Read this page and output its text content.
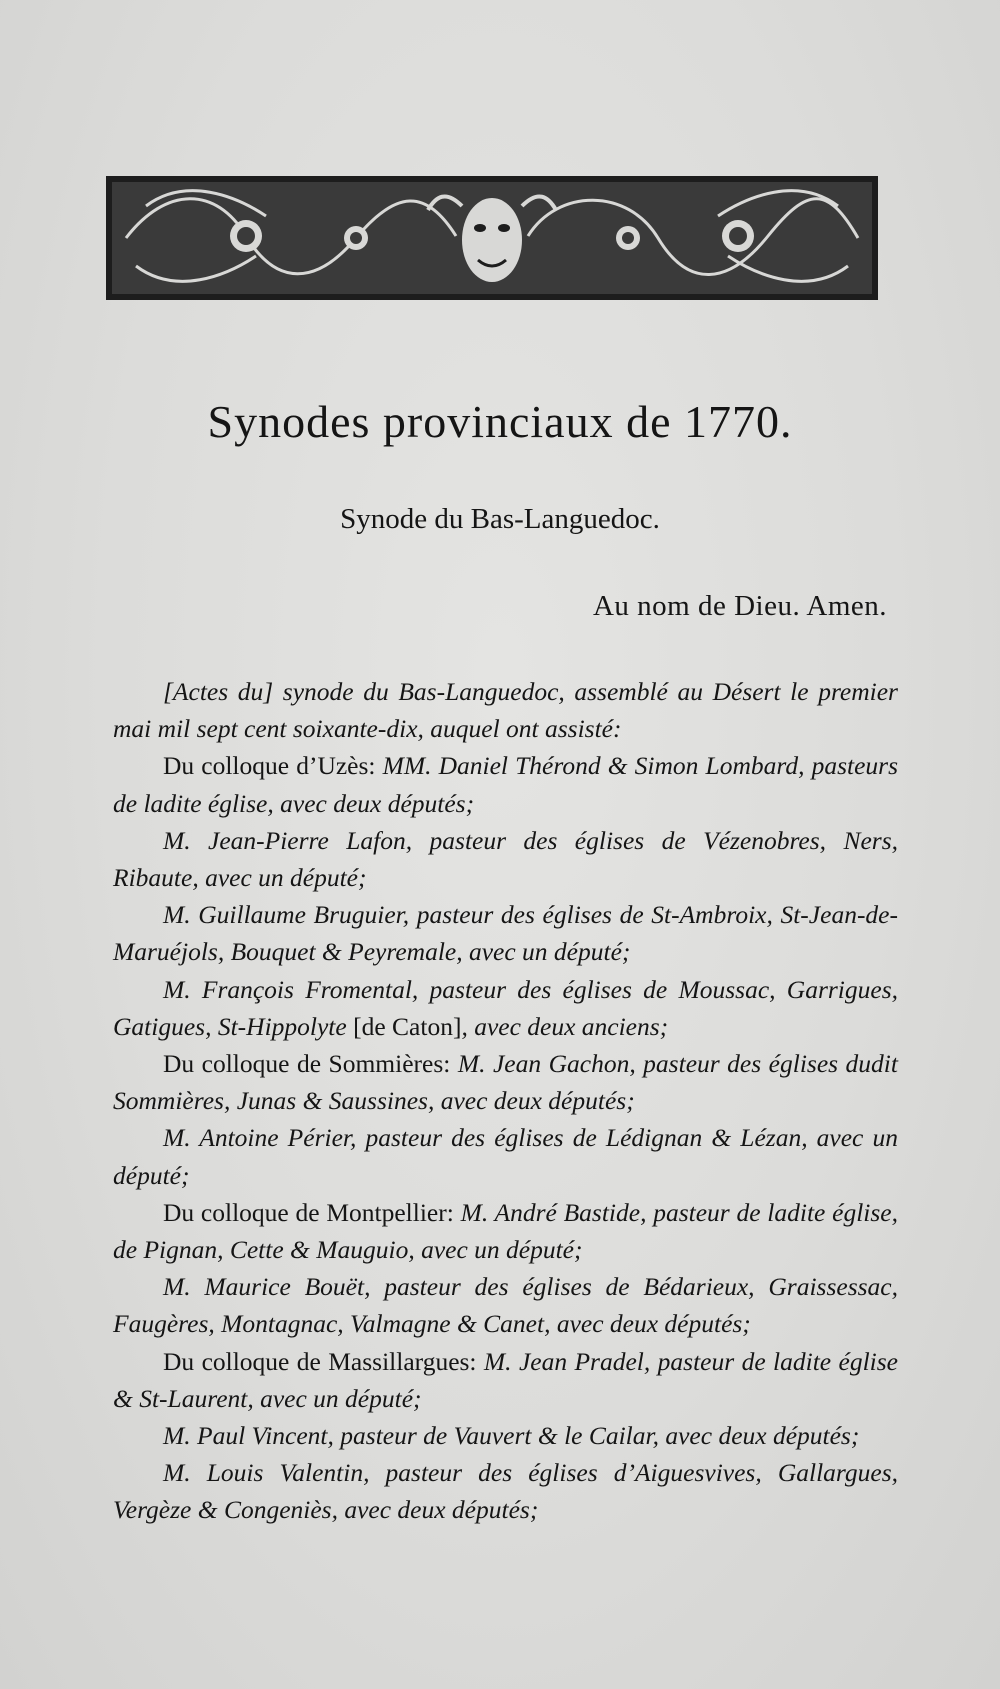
Synodes provinciaux de 1770.
Synode du Bas-Languedoc.
Au nom de Dieu. Amen.

[Actes du] synode du Bas-Languedoc, assemblé au Désert le premier mai mil sept cent soixante-dix, auquel ont assisté:

Du colloque d’Uzès: MM. Daniel Thérond & Simon Lombard, pasteurs de ladite église, avec deux députés;

M. Jean-Pierre Lafon, pasteur des églises de Vézenobres, Ners, Ribaute, avec un député;

M. Guillaume Bruguier, pasteur des églises de St-Ambroix, St-Jean-de-Maruéjols, Bouquet & Peyremale, avec un député;

M. François Fromental, pasteur des églises de Moussac, Garrigues, Gatigues, St-Hippolyte [de Caton], avec deux anciens;

Du colloque de Sommières: M. Jean Gachon, pasteur des églises dudit Sommières, Junas & Saussines, avec deux députés;

M. Antoine Périer, pasteur des églises de Lédignan & Lézan, avec un député;

Du colloque de Montpellier: M. André Bastide, pasteur de ladite église, de Pignan, Cette & Mauguio, avec un député;

M. Maurice Bouët, pasteur des églises de Bédarieux, Graissessac, Faugères, Montagnac, Valmagne & Canet, avec deux députés;

Du colloque de Massillargues: M. Jean Pradel, pasteur de ladite église & St-Laurent, avec un député;

M. Paul Vincent, pasteur de Vauvert & le Cailar, avec deux députés;

M. Louis Valentin, pasteur des églises d’Aiguesvives, Gallargues, Vergèze & Congeniès, avec deux députés;
